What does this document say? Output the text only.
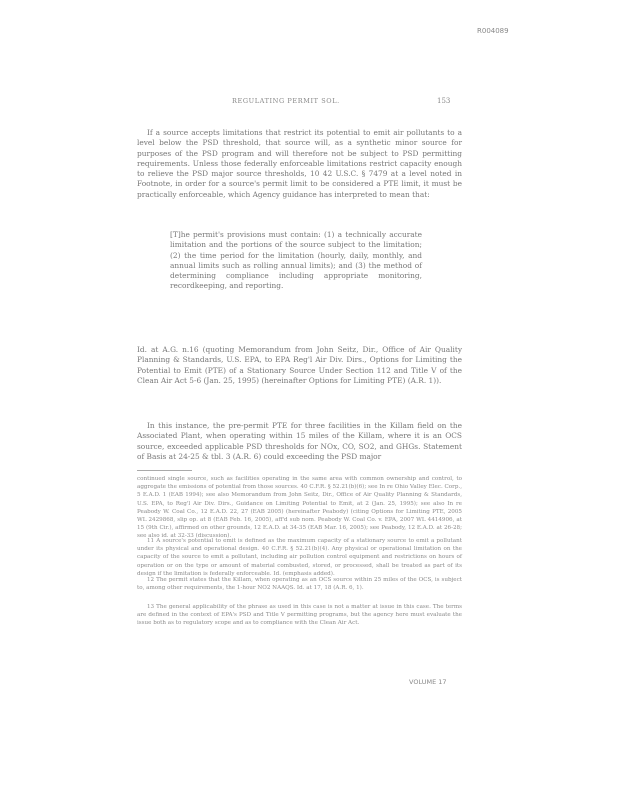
R004089
REGULATING PERMIT SOL.	153
If a source accepts limitations that restrict its potential to emit air pollutants to a level below the PSD threshold, that source will, as a synthetic minor source for purposes of the PSD program and will therefore not be subject to PSD permitting requirements. Unless those federally enforceable limitations restrict capacity enough to relieve the PSD major source thresholds, 10 42 U.S.C. § 7479 at a level noted in Footnote, in order for a source's permit limit to be considered a PTE limit, it must be practically enforceable, which Agency guidance has interpreted to mean that:
[T]he permit's provisions must contain: (1) a technically accurate limitation and the portions of the source subject to the limitation; (2) the time period for the limitation (hourly, daily, monthly, and annual limits such as rolling annual limits); and (3) the method of determining compliance including appropriate monitoring, recordkeeping, and reporting.
Id. at A.G. n.16 (quoting Memorandum from John Seitz, Dir., Office of Air Quality Planning & Standards, U.S. EPA, to EPA Reg'l Air Div. Dirs., Options for Limiting the Potential to Emit (PTE) of a Stationary Source Under Section 112 and Title V of the Clean Air Act 5-6 (Jan. 25, 1995) (hereinafter Options for Limiting PTE) (A.R. 1)).
In this instance, the pre-permit PTE for three facilities in the Killam field on the Associated Plant, when operating within 15 miles of the Killam, where it is an OCS source, exceeded applicable PSD thresholds for NOx, CO, SO2, and GHGs. Statement of Basis at 24-25 & tbl. 3 (A.R. 6) could exceeding the PSD major
continued single source, such as facilities operating in the same area with common ownership and control, to aggregate the emissions of potential from those sources. 40 C.F.R. § 52.21(b)(6); see In re Ohio Valley Elec. Corp., 5 E.A.D. 1 (EAB 1994); see also Memorandum from John Seitz, Dir., Office of Air Quality Planning & Standards, U.S. EPA, to Reg'l Air Div. Dirs., Guidance on Limiting Potential to Emit, at 2 (Jan. 25, 1995); see also In re Peabody W. Coal Co., 12 E.A.D. 22, 27 (EAB 2005) (hereinafter Peabody) (citing Options for Limiting PTE, 2005 WL 2429868, slip op. at 8 (EAB Feb. 16, 2005), aff'd sub nom. Peabody W. Coal Co. v. EPA, 2007 WL 4414906, at 15 (9th Cir.), affirmed on other grounds, 12 E.A.D. at 34-35 (EAB Mar. 16, 2005); see Peabody, 12 E.A.D. at 26-28; see also id. at 32-33 (discussion).
11 A source's potential to emit is defined as the maximum capacity of a stationary source to emit a pollutant under its physical and operational design. 40 C.F.R. § 52.21(b)(4). Any physical or operational limitation on the capacity of the source to emit a pollutant, including air pollution control equipment and restrictions on hours of operation or on the type or amount of material combusted, stored, or processed, shall be treated as part of its design if the limitation is federally enforceable. Id. (emphasis added).
12 The permit states that the Killam, when operating as an OCS source within 25 miles of the OCS, is subject to, among other requirements, the 1-hour NO2 NAAQS. Id. at 17, 18 (A.R. 6, 1).
13 The general applicability of the phrase as used in this case is not a matter at issue in this case. The terms are defined in the context of EPA's PSD and Title V permitting programs, but the agency here must evaluate the issue both as to regulatory scope and as to compliance with the Clean Air Act.
VOLUME 17
